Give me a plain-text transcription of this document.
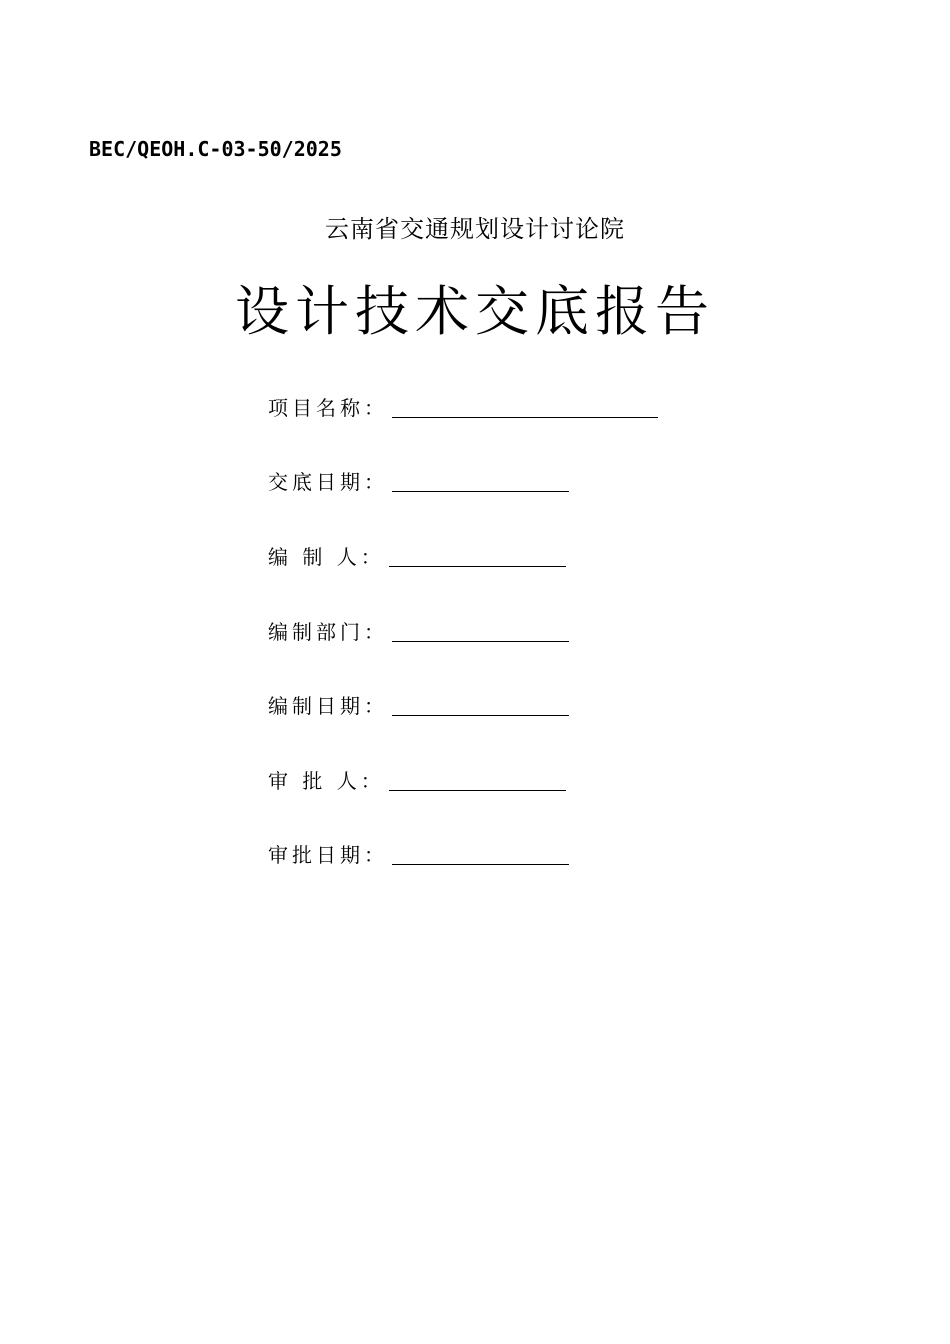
BEC/QEOH.C-03-50/2025
云南省交通规划设计讨论院
设计技术交底报告
项目名称：
交底日期：
编 制 人：
编制部门：
编制日期：
审 批 人：
审批日期：
